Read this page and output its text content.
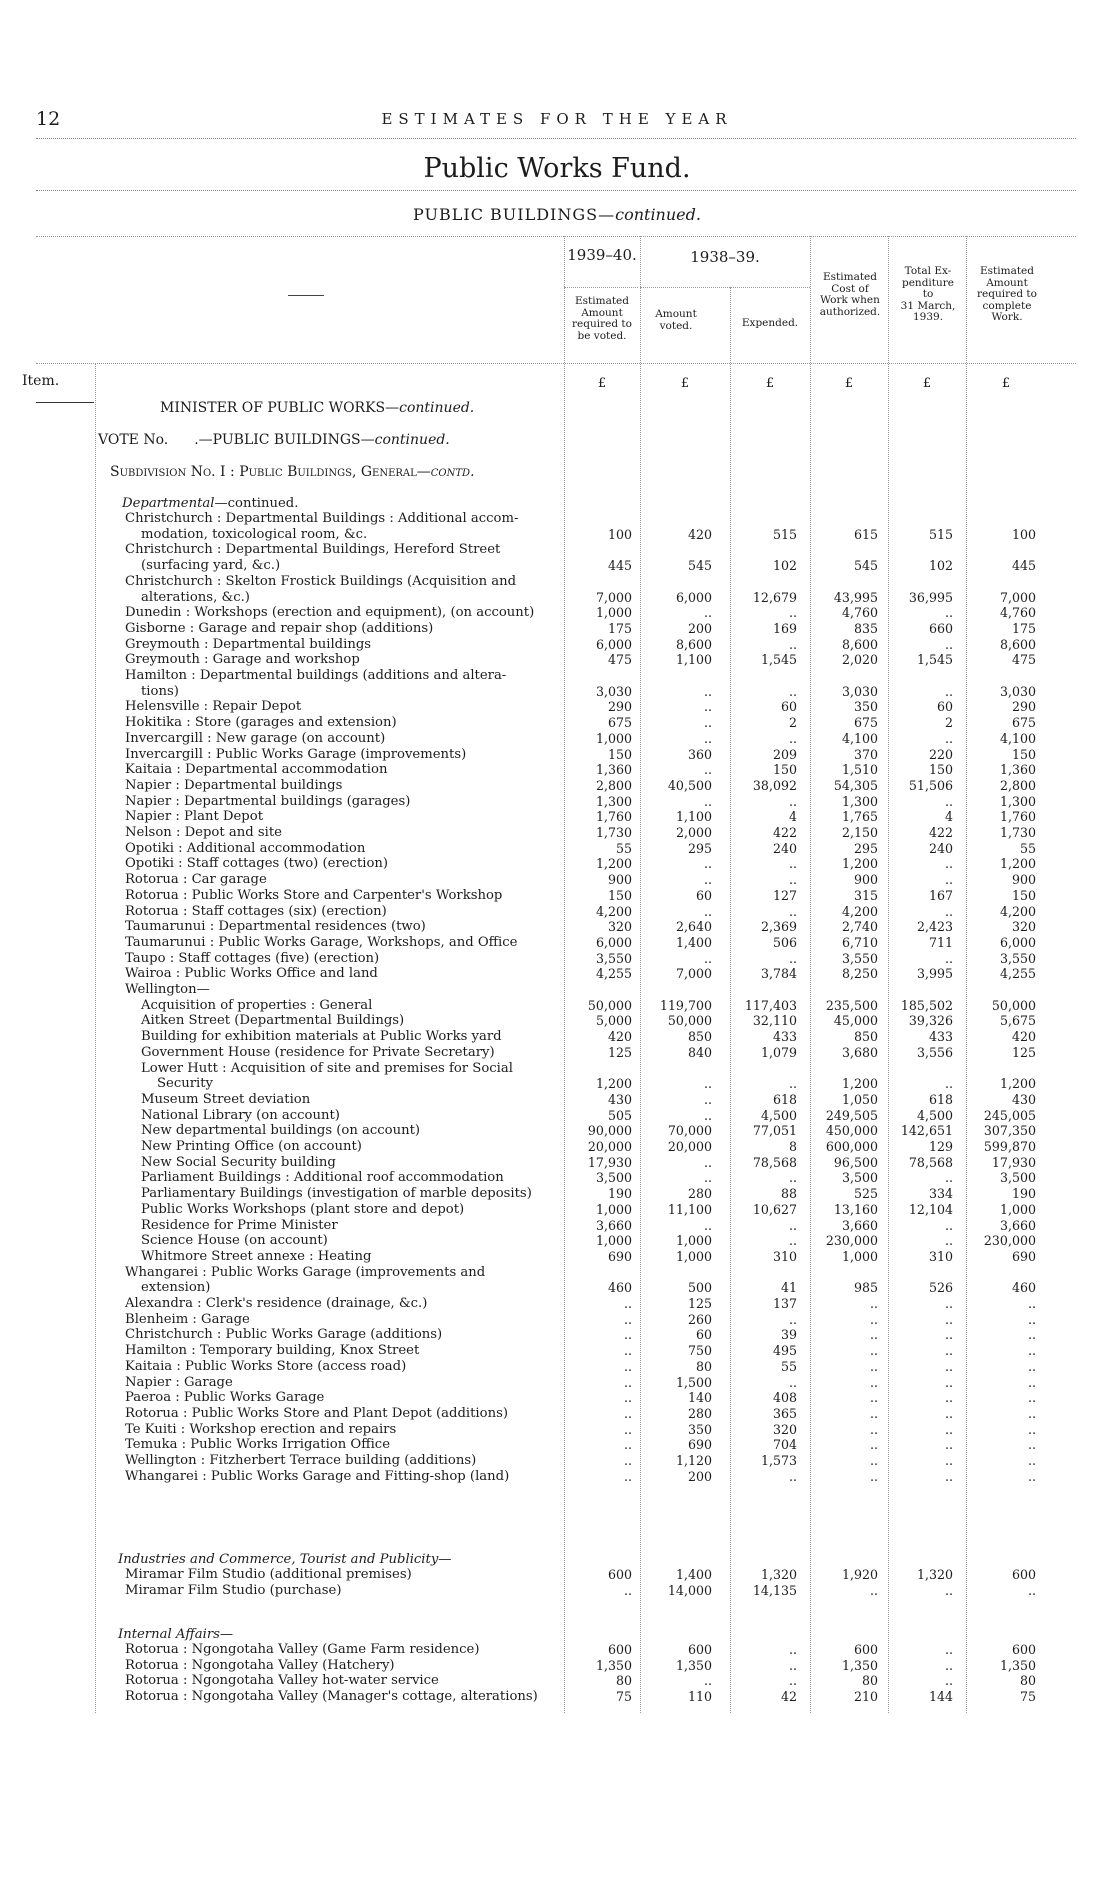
12	ESTIMATES FOR THE YEAR
Public Works Fund.
PUBLIC BUILDINGS—continued.
1939–40.	1938–39.
Estimated
Amount
required to
be voted.
Amount
voted.	Expended.
Estimated
Cost of
Work when
authorized.
Total Ex-
penditure
to
31 March,
1939.
Estimated
Amount
required to
complete
Work.
Item.	£	£	£	£	£	£
MINISTER OF PUBLIC WORKS—continued.
VOTE No. .—PUBLIC BUILDINGS—continued.
Subdivision No. I : Public Buildings, General—contd.
Departmental—continued.
Industries and Commerce, Tourist and Publicity—
Internal Affairs—
Christchurch : Departmental Buildings : Additional accom-
modation, toxicological room, &c.	100	420	515	615	515	100
Christchurch : Departmental Buildings, Hereford Street
(surfacing yard, &c.)	445	545	102	545	102	445
Christchurch : Skelton Frostick Buildings (Acquisition and
alterations, &c.)	7,000	6,000	12,679	43,995	36,995	7,000
Dunedin : Workshops (erection and equipment), (on account)	1,000	..	..	4,760	..	4,760
Gisborne : Garage and repair shop (additions)	175	200	169	835	660	175
Greymouth : Departmental buildings	6,000	8,600	..	8,600	..	8,600
Greymouth : Garage and workshop	475	1,100	1,545	2,020	1,545	475
Hamilton : Departmental buildings (additions and altera-
tions)	3,030	..	..	3,030	..	3,030
Helensville : Repair Depot	290	..	60	350	60	290
Hokitika : Store (garages and extension)	675	..	2	675	2	675
Invercargill : New garage (on account)	1,000	..	..	4,100	..	4,100
Invercargill : Public Works Garage (improvements)	150	360	209	370	220	150
Kaitaia : Departmental accommodation	1,360	..	150	1,510	150	1,360
Napier : Departmental buildings	2,800	40,500	38,092	54,305	51,506	2,800
Napier : Departmental buildings (garages)	1,300	..	..	1,300	..	1,300
Napier : Plant Depot	1,760	1,100	4	1,765	4	1,760
Nelson : Depot and site	1,730	2,000	422	2,150	422	1,730
Opotiki : Additional accommodation	55	295	240	295	240	55
Opotiki : Staff cottages (two) (erection)	1,200	..	..	1,200	..	1,200
Rotorua : Car garage	900	..	..	900	..	900
Rotorua : Public Works Store and Carpenter's Workshop	150	60	127	315	167	150
Rotorua : Staff cottages (six) (erection)	4,200	..	..	4,200	..	4,200
Taumarunui : Departmental residences (two)	320	2,640	2,369	2,740	2,423	320
Taumarunui : Public Works Garage, Workshops, and Office	6,000	1,400	506	6,710	711	6,000
Taupo : Staff cottages (five) (erection)	3,550	..	..	3,550	..	3,550
Wairoa : Public Works Office and land	4,255	7,000	3,784	8,250	3,995	4,255
Wellington—
Acquisition of properties : General	50,000	119,700	117,403	235,500	185,502	50,000
Aitken Street (Departmental Buildings)	5,000	50,000	32,110	45,000	39,326	5,675
Building for exhibition materials at Public Works yard	420	850	433	850	433	420
Government House (residence for Private Secretary)	125	840	1,079	3,680	3,556	125
Lower Hutt : Acquisition of site and premises for Social
Security	1,200	..	..	1,200	..	1,200
Museum Street deviation	430	..	618	1,050	618	430
National Library (on account)	505	..	4,500	249,505	4,500	245,005
New departmental buildings (on account)	90,000	70,000	77,051	450,000	142,651	307,350
New Printing Office (on account)	20,000	20,000	8	600,000	129	599,870
New Social Security building	17,930	..	78,568	96,500	78,568	17,930
Parliament Buildings : Additional roof accommodation	3,500	..	..	3,500	..	3,500
Parliamentary Buildings (investigation of marble deposits)	190	280	88	525	334	190
Public Works Workshops (plant store and depot)	1,000	11,100	10,627	13,160	12,104	1,000
Residence for Prime Minister	3,660	..	..	3,660	..	3,660
Science House (on account)	1,000	1,000	..	230,000	..	230,000
Whitmore Street annexe : Heating	690	1,000	310	1,000	310	690
Whangarei : Public Works Garage (improvements and
extension)	460	500	41	985	526	460
Alexandra : Clerk's residence (drainage, &c.)	..	125	137	..	..	..
Blenheim : Garage	..	260	..	..	..	..
Christchurch : Public Works Garage (additions)	..	60	39	..	..	..
Hamilton : Temporary building, Knox Street	..	750	495	..	..	..
Kaitaia : Public Works Store (access road)	..	80	55	..	..	..
Napier : Garage	..	1,500	..	..	..	..
Paeroa : Public Works Garage	..	140	408	..	..	..
Rotorua : Public Works Store and Plant Depot (additions)	..	280	365	..	..	..
Te Kuiti : Workshop erection and repairs	..	350	320	..	..	..
Temuka : Public Works Irrigation Office	..	690	704	..	..	..
Wellington : Fitzherbert Terrace building (additions)	..	1,120	1,573	..	..	..
Whangarei : Public Works Garage and Fitting-shop (land)	..	200	..	..	..	..
Miramar Film Studio (additional premises)	600	1,400	1,320	1,920	1,320	600
Miramar Film Studio (purchase)	..	14,000	14,135	..	..	..
Rotorua : Ngongotaha Valley (Game Farm residence)	600	600	..	600	..	600
Rotorua : Ngongotaha Valley (Hatchery)	1,350	1,350	..	1,350	..	1,350
Rotorua : Ngongotaha Valley hot-water service	80	..	..	80	..	80
Rotorua : Ngongotaha Valley (Manager's cottage, alterations)	75	110	42	210	144	75
